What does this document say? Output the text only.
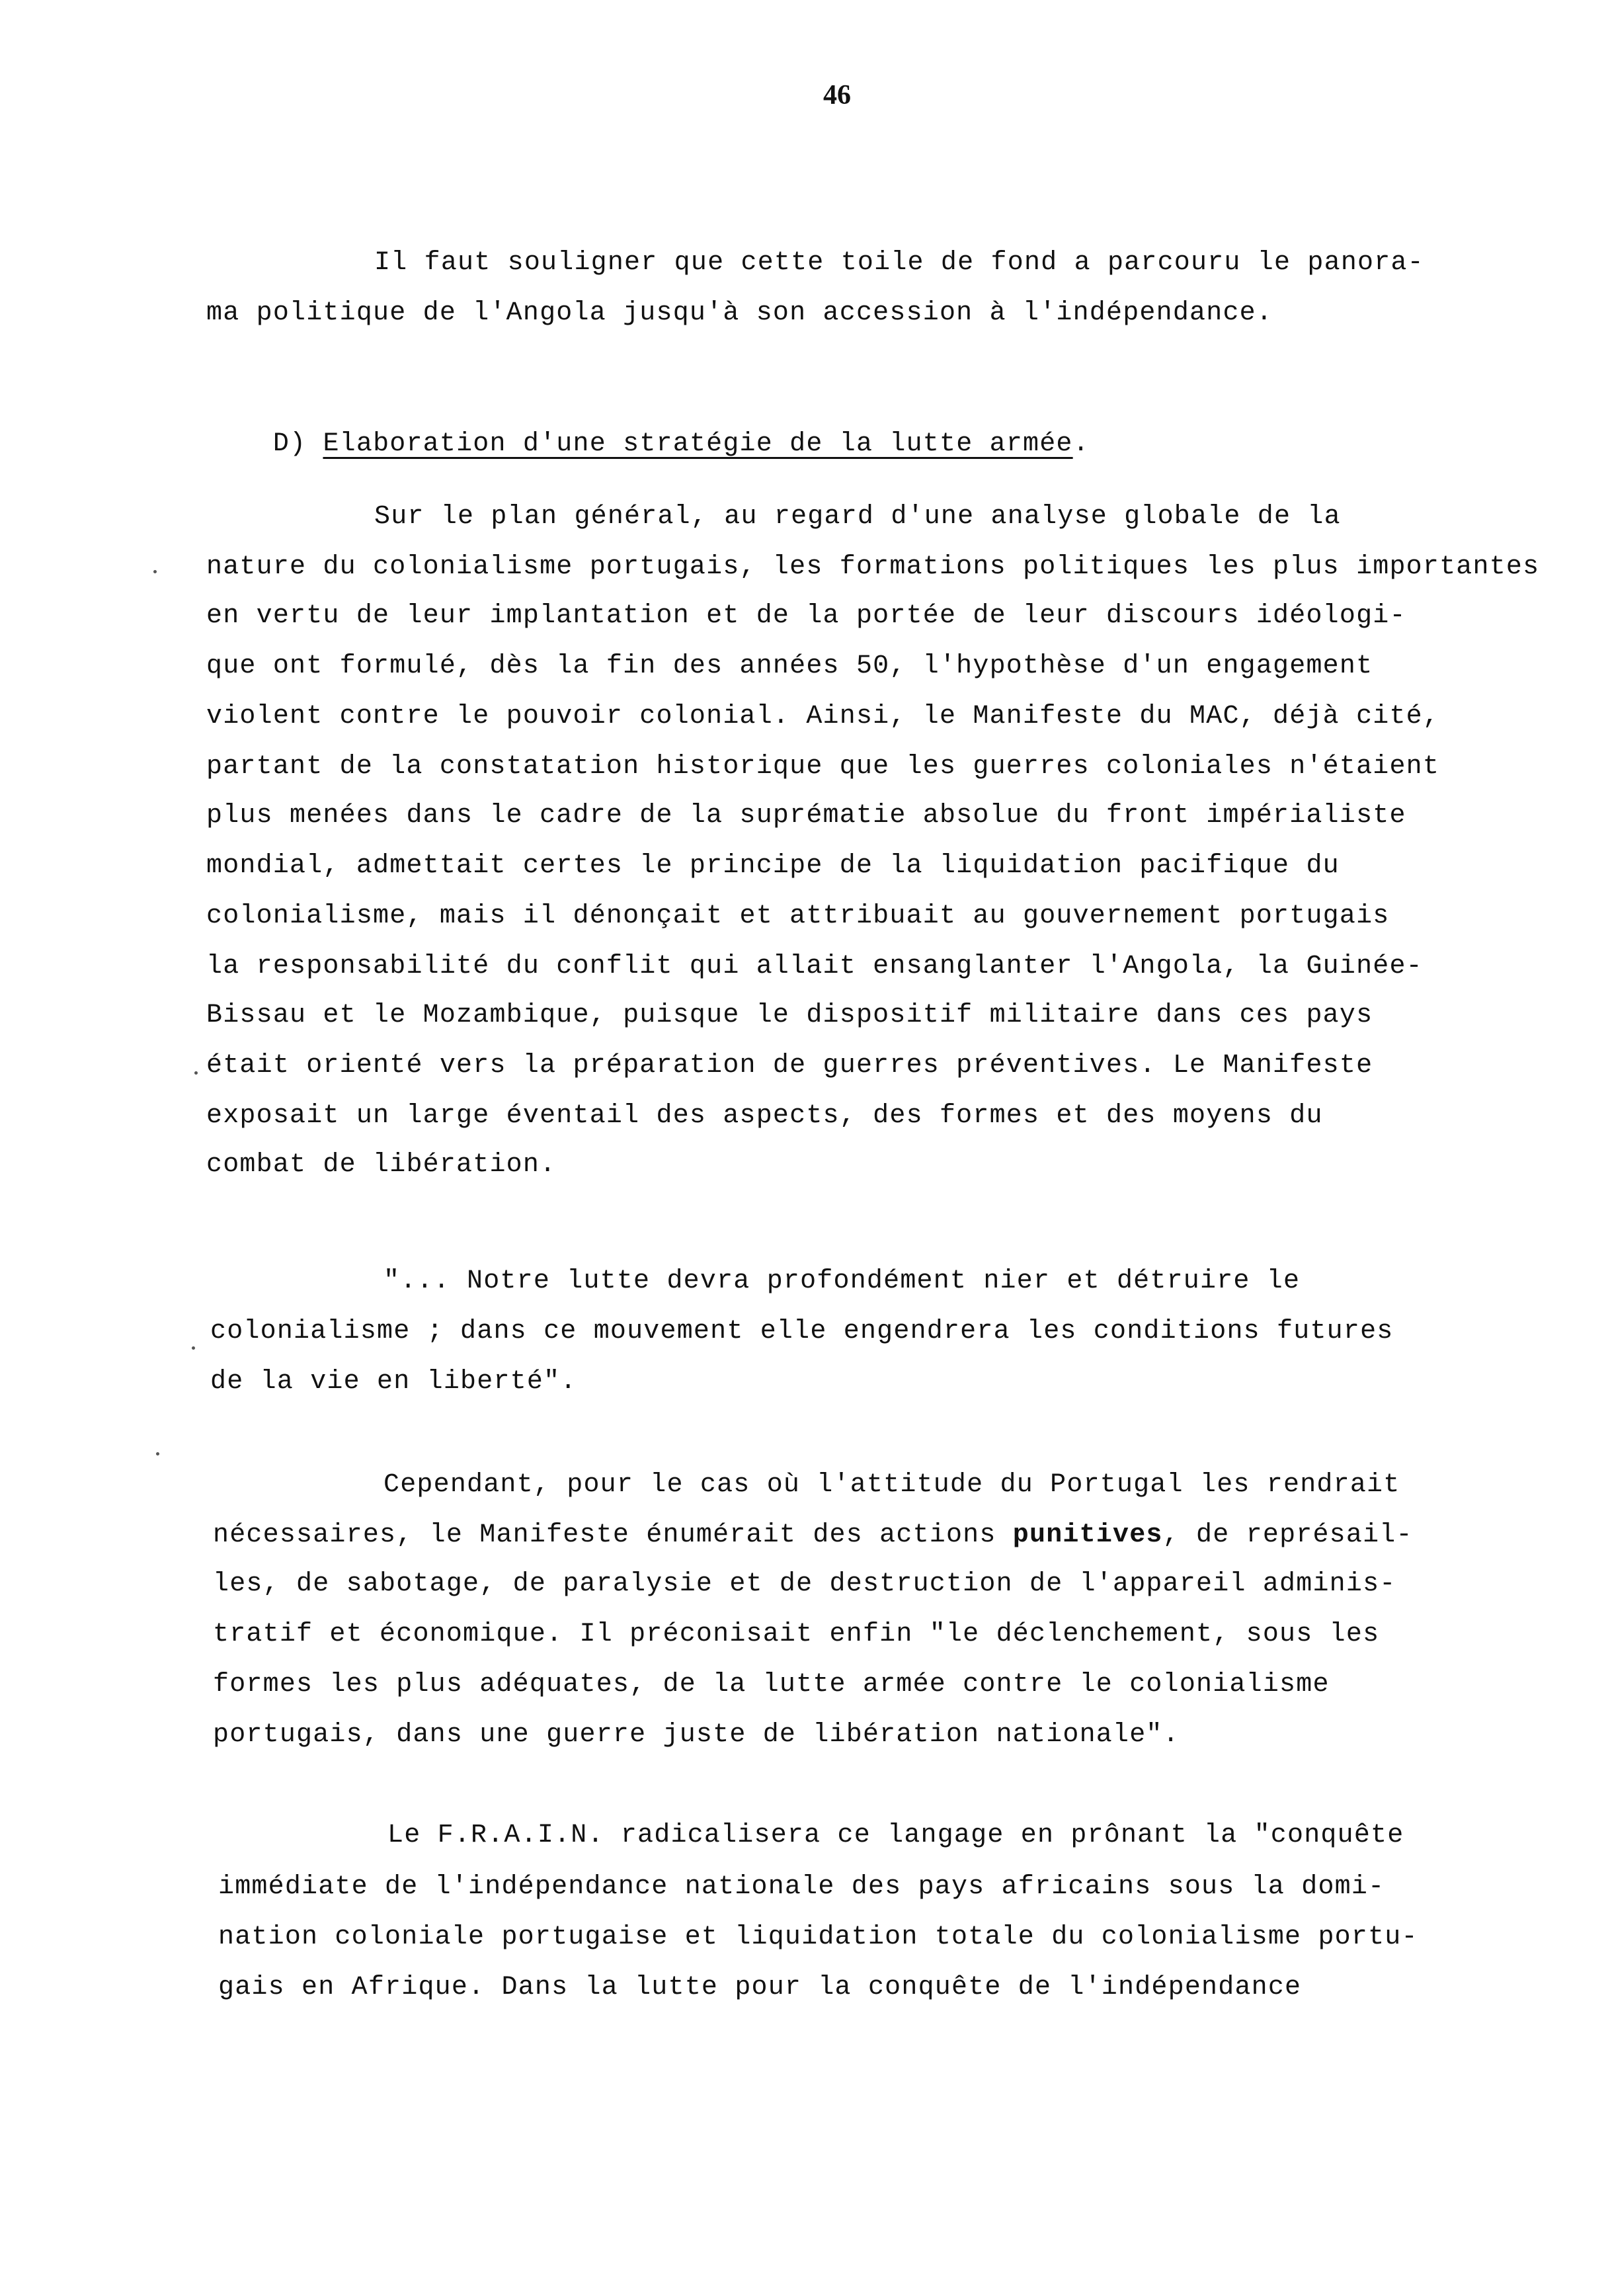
46
Il faut souligner que cette toile de fond a parcouru le panora-
ma politique de l'Angola jusqu'à son accession à l'indépendance.

D) Elaboration d'une stratégie de la lutte armée.

Sur le plan général, au regard d'une analyse globale de la
nature du colonialisme portugais, les formations politiques les plus importantes
en vertu de leur implantation et de la portée de leur discours idéologi-
que ont formulé, dès la fin des années 50, l'hypothèse d'un engagement
violent contre le pouvoir colonial. Ainsi, le Manifeste du MAC, déjà cité,
partant de la constatation historique que les guerres coloniales n'étaient
plus menées dans le cadre de la suprématie absolue du front impérialiste
mondial, admettait certes le principe de la liquidation pacifique du
colonialisme, mais il dénonçait et attribuait au gouvernement portugais
la responsabilité du conflit qui allait ensanglanter l'Angola, la Guinée-
Bissau et le Mozambique, puisque le dispositif militaire dans ces pays
était orienté vers la préparation de guerres préventives. Le Manifeste
exposait un large éventail des aspects, des formes et des moyens du
combat de libération.
"... Notre lutte devra profondément nier et détruire le
colonialisme ; dans ce mouvement elle engendrera les conditions futures
de la vie en liberté".
Cependant, pour le cas où l'attitude du Portugal les rendrait
nécessaires, le Manifeste énumérait des actions punitives, de représail-
les, de sabotage, de paralysie et de destruction de l'appareil adminis-
tratif et économique. Il préconisait enfin "le déclenchement, sous les
formes les plus adéquates, de la lutte armée contre le colonialisme
portugais, dans une guerre juste de libération nationale".
Le F.R.A.I.N. radicalisera ce langage en prônant la "conquête
immédiate de l'indépendance nationale des pays africains sous la domi-
nation coloniale portugaise et liquidation totale du colonialisme portu-
gais en Afrique. Dans la lutte pour la conquête de l'indépendance
